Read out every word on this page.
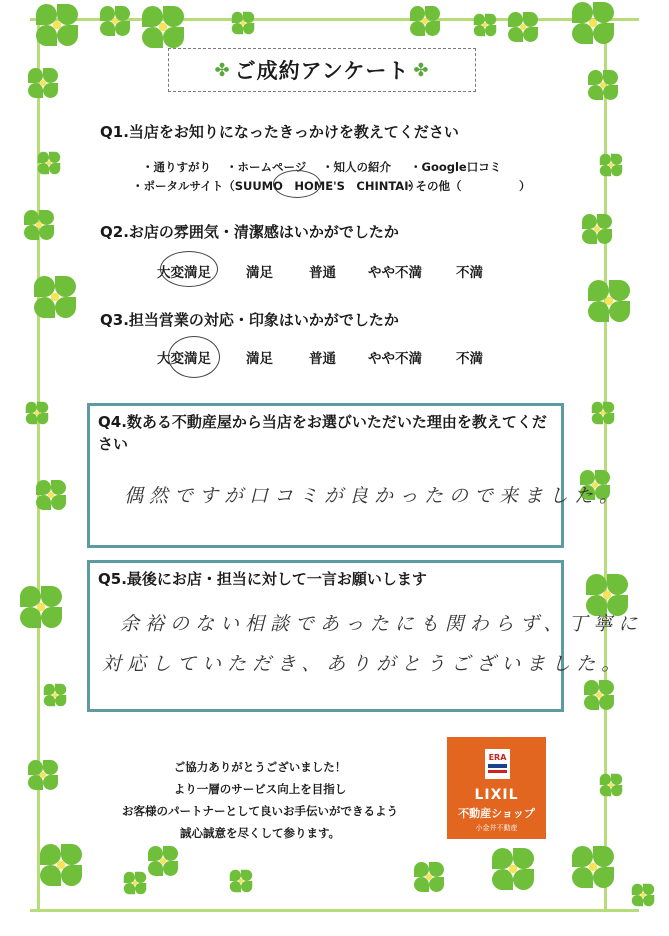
✤ ご成約アンケート ✤
Q1.当店をお知りになったきっかけを教えてください
・通りすがり ・ホームページ ・知人の紹介 ・Google口コミ
・ポータルサイト（SUUMO　HOME'S　CHINTAI）
・その他（　　　　　）
Q2.お店の雰囲気・清潔感はいかがでしたか
大変満足	満足	普通 やや不満	不満
Q3.担当営業の対応・印象はいかがでしたか
大変満足	満足	普通 やや不満	不満
Q4.数ある不動産屋から当店をお選びいただいた理由を教えてください
偶然ですが口コミが良かったので来ました。
Q5.最後にお店・担当に対して一言お願いします
余裕のない相談であったにも関わらず、丁寧に
対応していただき、ありがとうございました。
ご協力ありがとうございました！
より一層のサービス向上を目指し
お客様のパートナーとして良いお手伝いができるよう
誠心誠意を尽くして参ります。
ERA
LIXIL
不動産ショップ
小金井不動産
